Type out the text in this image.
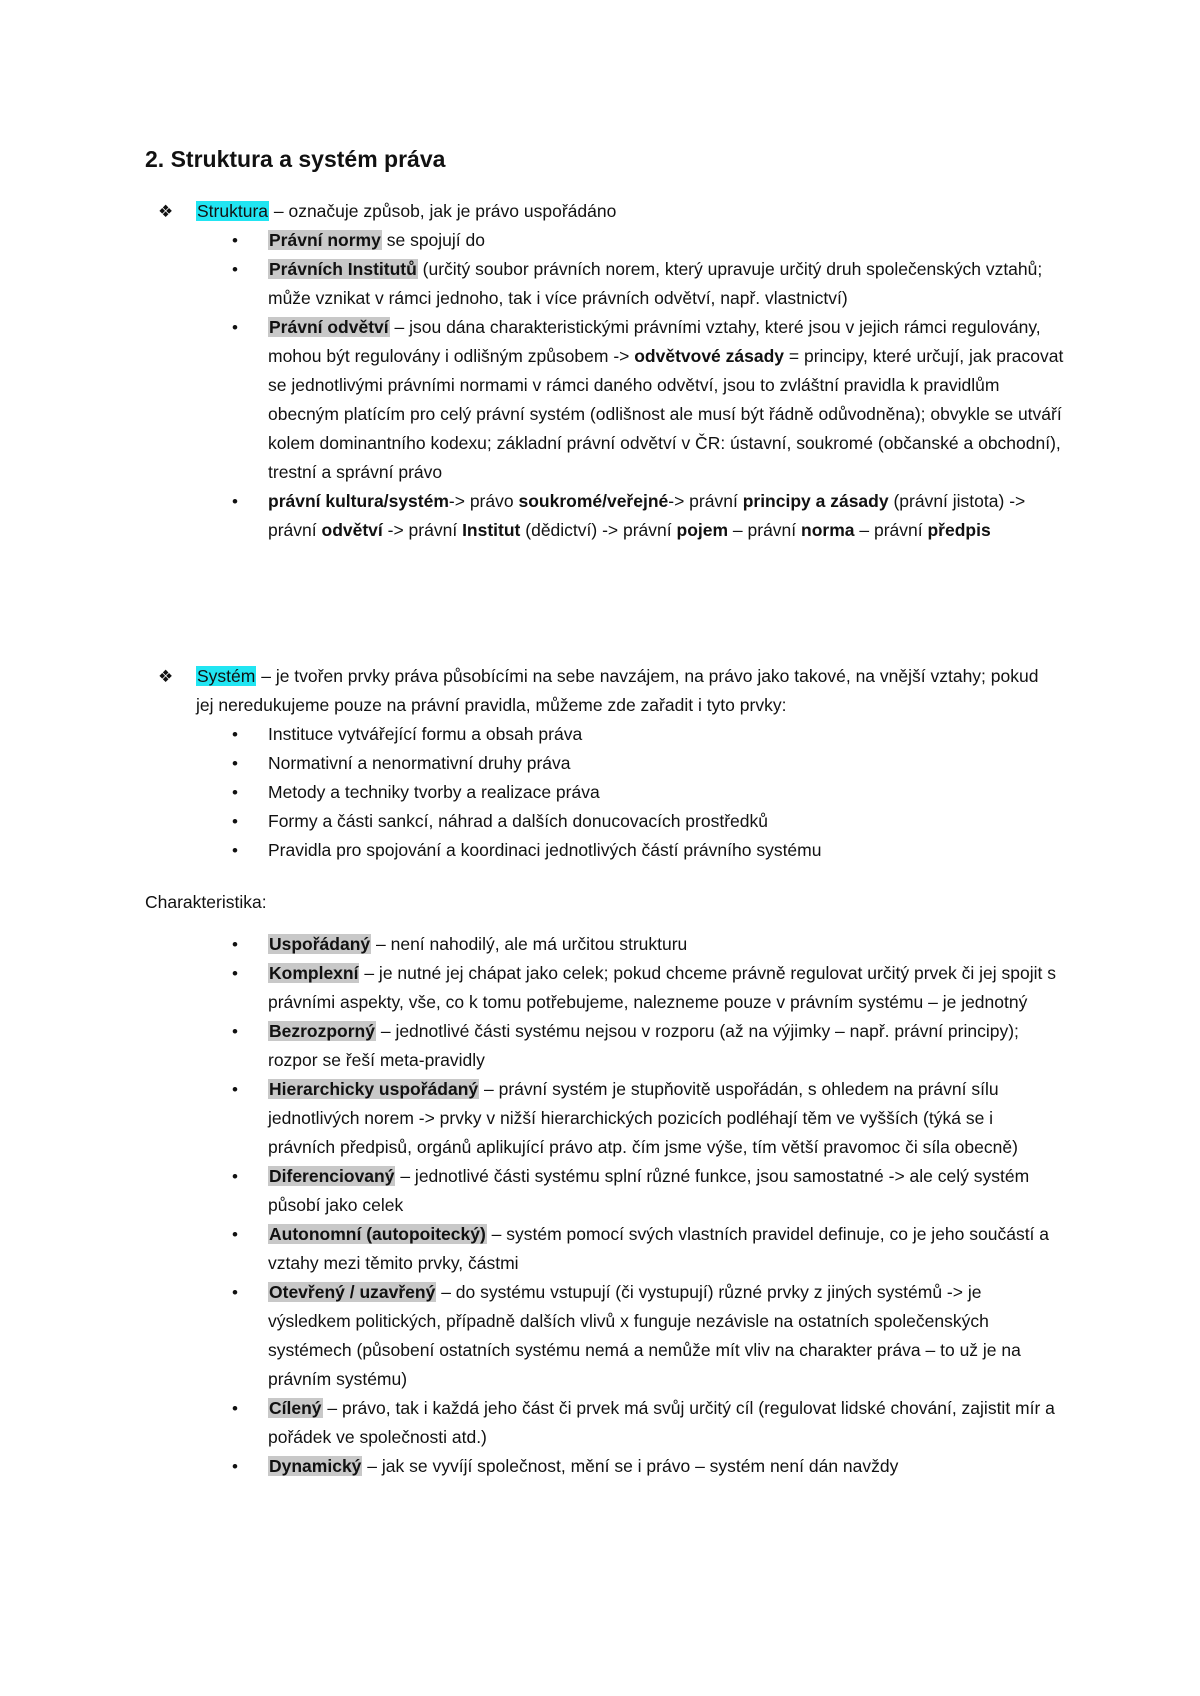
2. Struktura a systém práva
❖ Struktura – označuje způsob, jak je právo uspořádáno
• Právní normy se spojují do
• Právních Institutů (určitý soubor právních norem, který upravuje určitý druh společenských vztahů; může vznikat v rámci jednoho, tak i více právních odvětví, např. vlastnictví)
• Právní odvětví – jsou dána charakteristickými právními vztahy, které jsou v jejich rámci regulovány, mohou být regulovány i odlišným způsobem -> odvětvové zásady = principy, které určují, jak pracovat se jednotlivými právními normami v rámci daného odvětví, jsou to zvláštní pravidla k pravidlům obecným platícím pro celý právní systém (odlišnost ale musí být řádně odůvodněna); obvykle se utváří kolem dominantního kodexu; základní právní odvětví v ČR: ústavní, soukromé (občanské a obchodní), trestní a správní právo
• právní kultura/systém-> právo soukromé/veřejné-> právní principy a zásady (právní jistota) -> právní odvětví -> právní Institut (dědictví) -> právní pojem – právní norma – právní předpis
❖ Systém – je tvořen prvky práva působícími na sebe navzájem, na právo jako takové, na vnější vztahy; pokud jej neredukujeme pouze na právní pravidla, můžeme zde zařadit i tyto prvky:
• Instituce vytvářející formu a obsah práva
• Normativní a nenormativní druhy práva
• Metody a techniky tvorby a realizace práva
• Formy a části sankcí, náhrad a dalších donucovacích prostředků
• Pravidla pro spojování a koordinaci jednotlivých částí právního systému
Charakteristika:
• Uspořádaný – není nahodilý, ale má určitou strukturu
• Komplexní – je nutné jej chápat jako celek; pokud chceme právně regulovat určitý prvek či jej spojit s právními aspekty, vše, co k tomu potřebujeme, nalezneme pouze v právním systému – je jednotný
• Bezrozporný – jednotlivé části systému nejsou v rozporu (až na výjimky – např. právní principy); rozpor se řeší meta-pravidly
• Hierarchicky uspořádaný – právní systém je stupňovitě uspořádán, s ohledem na právní sílu jednotlivých norem -> prvky v nižší hierarchických pozicích podléhají těm ve vyšších (týká se i právních předpisů, orgánů aplikující právo atp. čím jsme výše, tím větší pravomoc či síla obecně)
• Diferenciovaný – jednotlivé části systému splní různé funkce, jsou samostatné -> ale celý systém působí jako celek
• Autonomní (autopoitecký) – systém pomocí svých vlastních pravidel definuje, co je jeho součástí a vztahy mezi těmito prvky, částmi
• Otevřený / uzavřený – do systému vstupují (či vystupují) různé prvky z jiných systémů -> je výsledkem politických, případně dalších vlivů x funguje nezávisle na ostatních společenských systémech (působení ostatních systému nemá a nemůže mít vliv na charakter práva – to už je na právním systému)
• Cílený – právo, tak i každá jeho část či prvek má svůj určitý cíl (regulovat lidské chování, zajistit mír a pořádek ve společnosti atd.)
• Dynamický – jak se vyvíjí společnost, mění se i právo – systém není dán navždy
